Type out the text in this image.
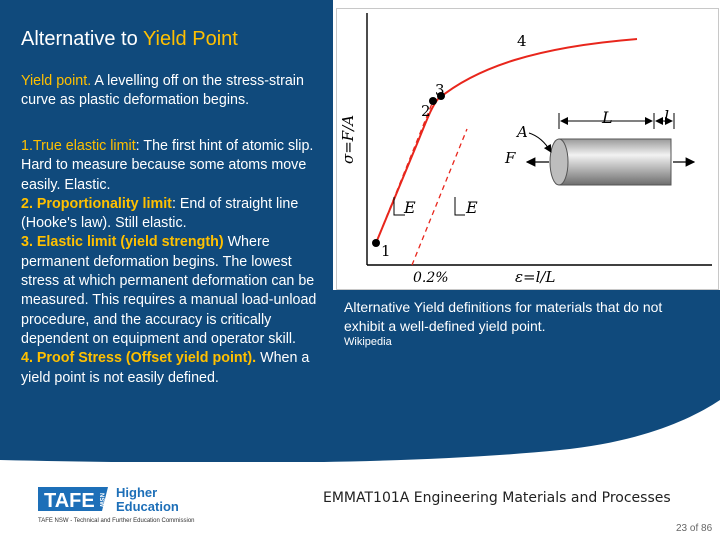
Alternative to Yield Point
Yield point. A levelling off on the stress-strain curve as plastic deformation begins.
1.True elastic limit: The first hint of atomic slip. Hard to measure because some atoms move easily. Elastic.
2. Proportionality limit: End of straight line (Hooke's law). Still elastic.
3. Elastic limit (yield strength) Where permanent deformation begins. The lowest stress at which permanent deformation can be measured. This requires a manual load-unload procedure, and the accuracy is critically dependent on equipment and operator skill.
4. Proof Stress (Offset yield point). When a yield point is not easily defined.
E	E
1
2
3
4
σ=F/A
0.2%	ε=l/L
L	l
A
F
Alternative Yield definitions for materials that do not exhibit a well-defined yield point.
Wikipedia
TAFE NSW Higher
Education
EMMAT101A Engineering Materials and Processes
TAFE NSW - Technical and Further Education Commission
23 of 86
